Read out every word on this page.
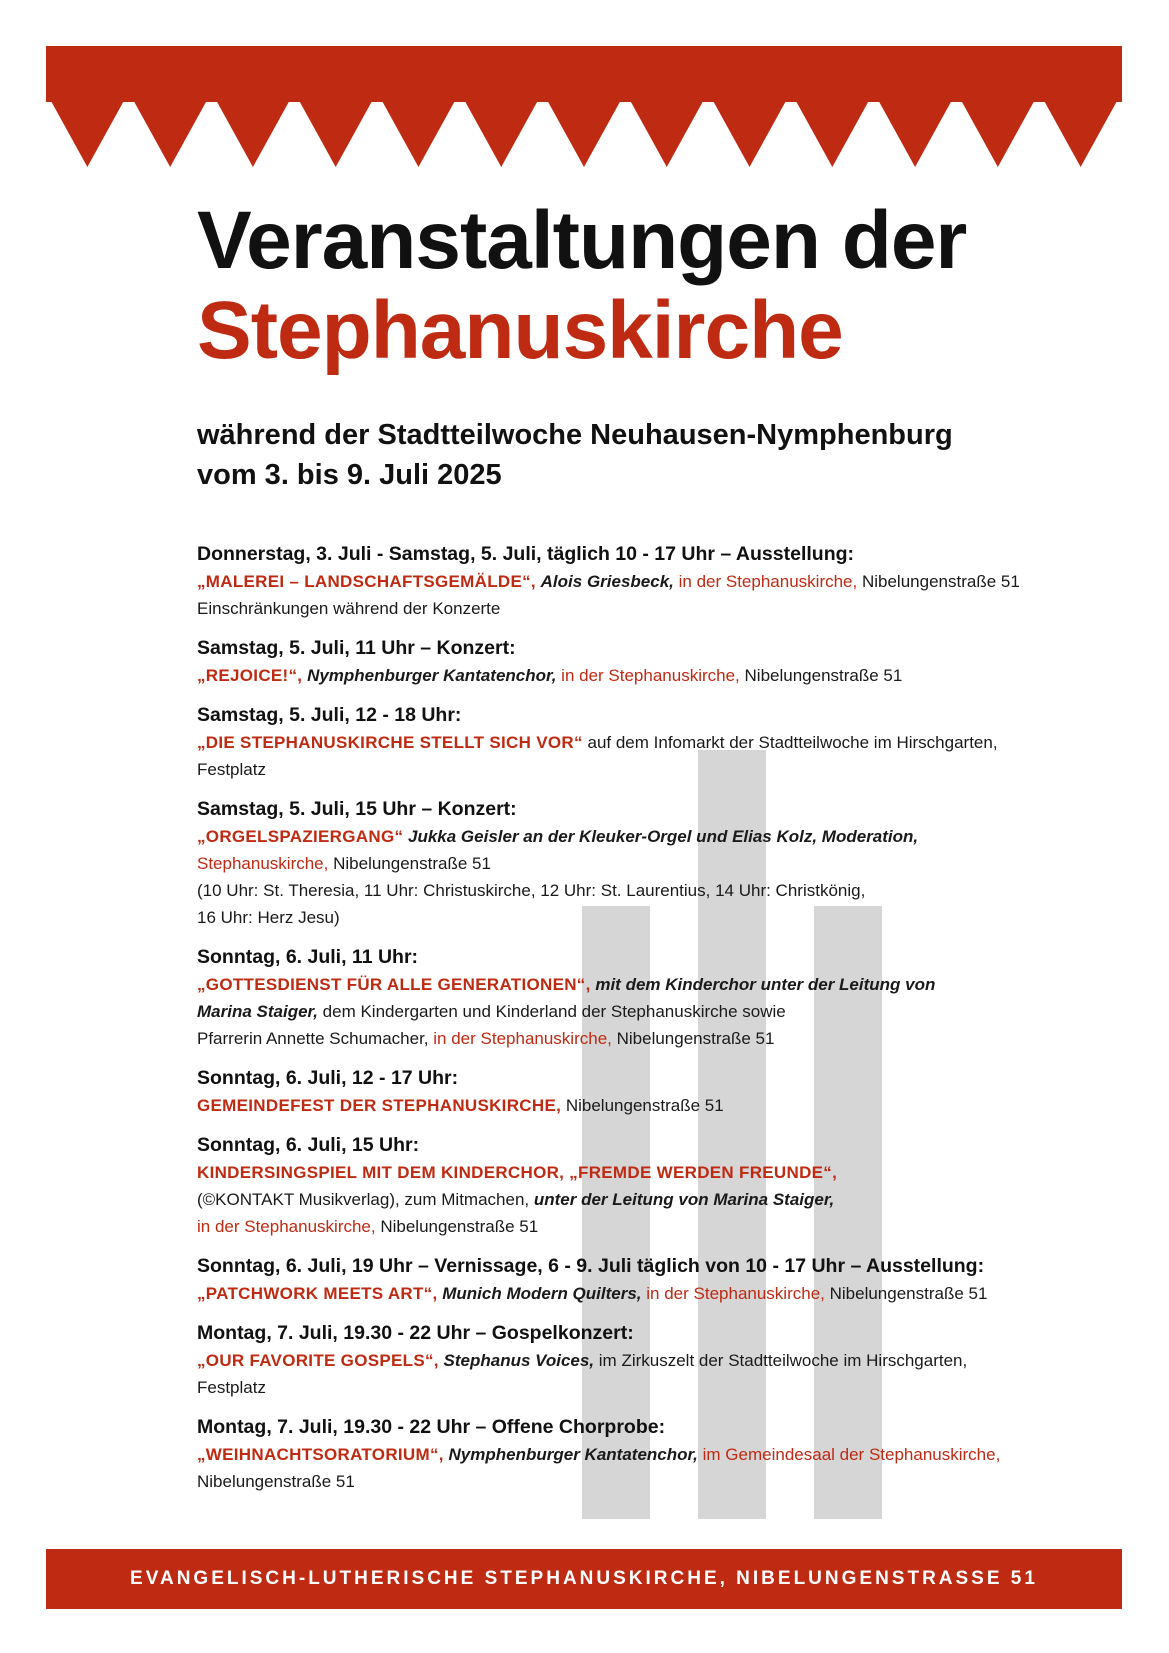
Veranstaltungen der
Stephanuskirche
während der Stadtteilwoche Neuhausen-Nymphenburg
vom 3. bis 9. Juli 2025
Donnerstag, 3. Juli - Samstag, 5. Juli, täglich 10 - 17 Uhr – Ausstellung:
„MALEREI – LANDSCHAFTSGEMÄLDE“, Alois Griesbeck, in der Stephanuskirche, Nibelungenstraße 51
Einschränkungen während der Konzerte
Samstag, 5. Juli, 11 Uhr – Konzert:
„REJOICE!“, Nymphenburger Kantatenchor, in der Stephanuskirche, Nibelungenstraße 51
Samstag, 5. Juli, 12 - 18 Uhr:
„DIE STEPHANUSKIRCHE STELLT SICH VOR“ auf dem Infomarkt der Stadtteilwoche im Hirschgarten,
Festplatz
Samstag, 5. Juli, 15 Uhr – Konzert:
„ORGELSPAZIERGANG“ Jukka Geisler an der Kleuker-Orgel und Elias Kolz, Moderation,
Stephanuskirche, Nibelungenstraße 51
(10 Uhr: St. Theresia, 11 Uhr: Christuskirche, 12 Uhr: St. Laurentius, 14 Uhr: Christkönig,
16 Uhr: Herz Jesu)
Sonntag, 6. Juli, 11 Uhr:
„GOTTESDIENST FÜR ALLE GENERATIONEN“, mit dem Kinderchor unter der Leitung von
Marina Staiger, dem Kindergarten und Kinderland der Stephanuskirche sowie
Pfarrerin Annette Schumacher, in der Stephanuskirche, Nibelungenstraße 51
Sonntag, 6. Juli, 12 - 17 Uhr:
GEMEINDEFEST DER STEPHANUSKIRCHE, Nibelungenstraße 51
Sonntag, 6. Juli, 15 Uhr:
KINDERSINGSPIEL MIT DEM KINDERCHOR, „FREMDE WERDEN FREUNDE“,
(©KONTAKT Musikverlag), zum Mitmachen, unter der Leitung von Marina Staiger,
in der Stephanuskirche, Nibelungenstraße 51
Sonntag, 6. Juli, 19 Uhr – Vernissage, 6 - 9. Juli täglich von 10 - 17 Uhr – Ausstellung:
„PATCHWORK MEETS ART“, Munich Modern Quilters, in der Stephanuskirche, Nibelungenstraße 51
Montag, 7. Juli, 19.30 - 22 Uhr – Gospelkonzert:
„OUR FAVORITE GOSPELS“, Stephanus Voices, im Zirkuszelt der Stadtteilwoche im Hirschgarten,
Festplatz
Montag, 7. Juli, 19.30 - 22 Uhr – Offene Chorprobe:
„WEIHNACHTSORATORIUM“, Nymphenburger Kantatenchor, im Gemeindesaal der Stephanuskirche,
Nibelungenstraße 51
EVANGELISCH-LUTHERISCHE STEPHANUSKIRCHE, NIBELUNGENSTRASSE 51
